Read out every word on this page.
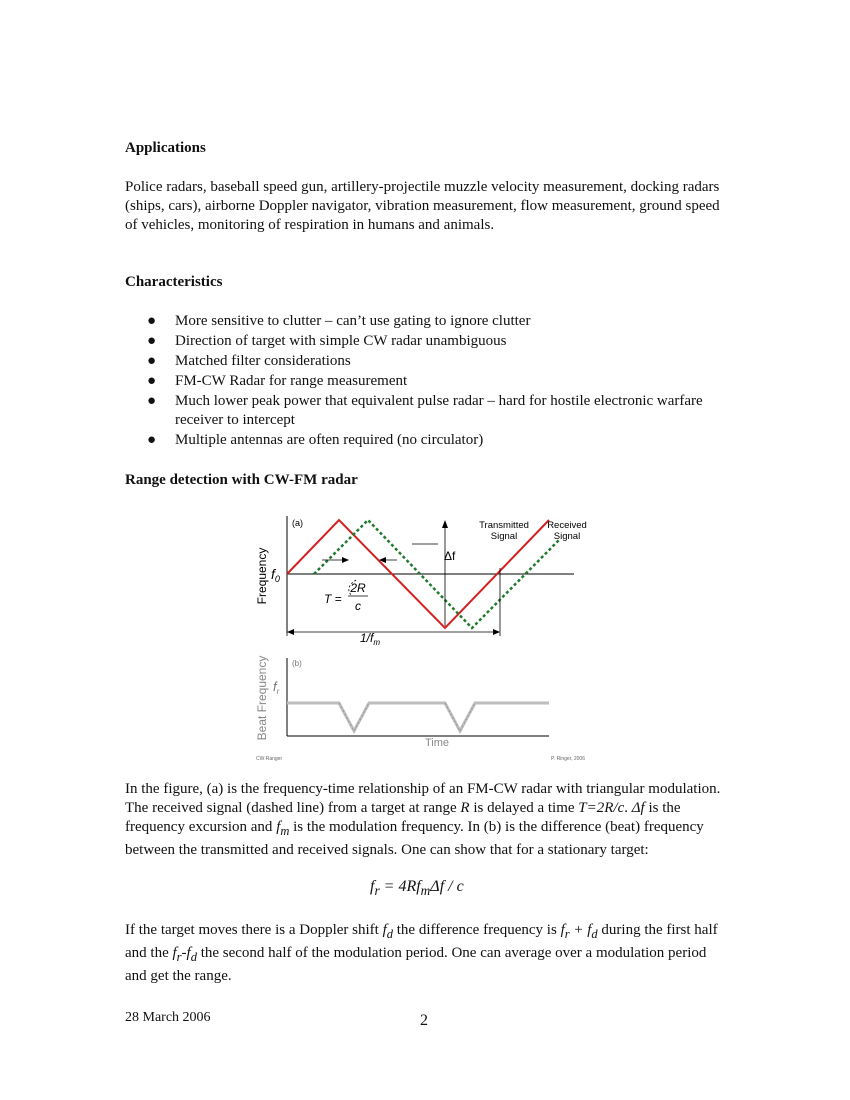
Applications

Police radars, baseball speed gun, artillery-projectile muzzle velocity measurement, docking radars (ships, cars), airborne Doppler navigator, vibration measurement, flow measurement, ground speed of vehicles, monitoring of respiration in humans and animals.

Characteristics
● More sensitive to clutter – can’t use gating to ignore clutter
● Direction of target with simple CW radar unambiguous
● Matched filter considerations
● FM-CW Radar for range measurement
● Much lower peak power that equivalent pulse radar – hard for hostile electronic warfare receiver to intercept
● Multiple antennas are often required (no circulator)
Range detection with CW-FM radar
(a)	Transmitted
Signal
Received
Signal
Frequency $f_0$
Δf
T =
2R
c
$1/f_m$
(b)
Beat Frequency $f_r$
Time
CW Ranger	P. Ringer, 2006

In the figure, (a) is the frequency-time relationship of an FM-CW radar with triangular modulation. The received signal (dashed line) from a target at range R is delayed a time T=2R/c. Δf is the frequency excursion and $f_m$ is the modulation frequency. In (b) is the difference (beat) frequency between the transmitted and received signals. One can show that for a stationary target:

$f_r = 4Rf_m\Delta f / c$

If the target moves there is a Doppler shift $f_d$ the difference frequency is $f_r + f_d$ during the first half and the $f_r-f_d$ the second half of the modulation period. One can average over a modulation period and get the range.

28 March 2006	2
